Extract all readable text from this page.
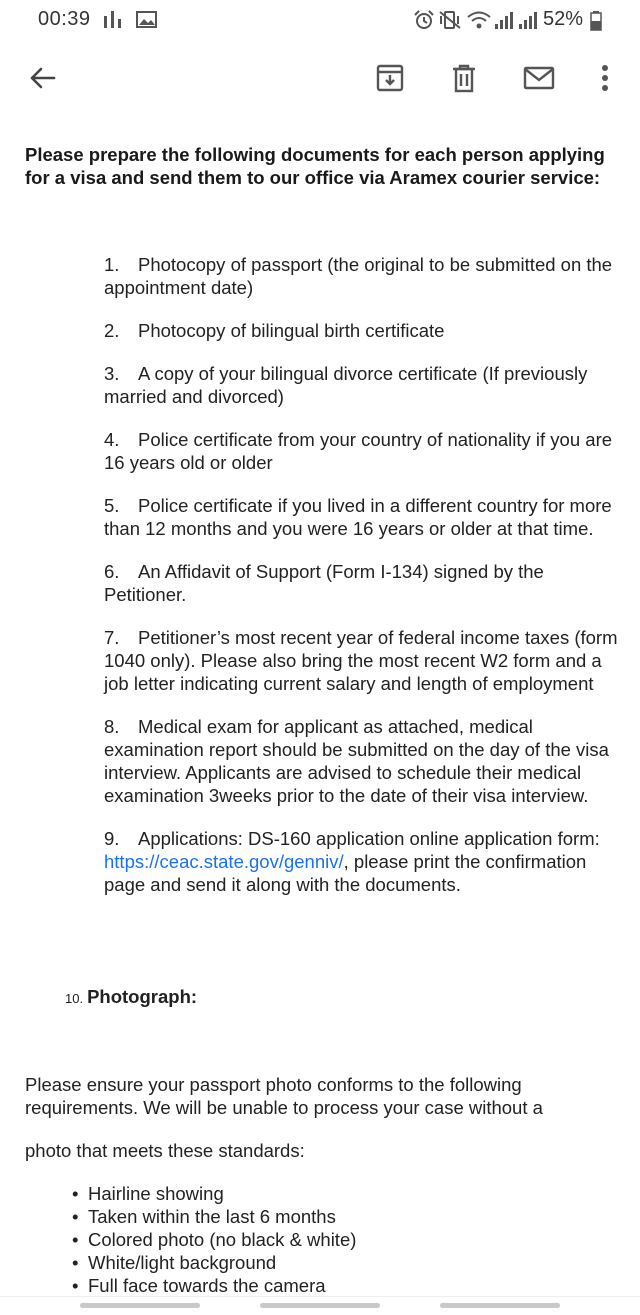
00:39	52%
Please prepare the following documents for each person applying for a visa and send them to our office via Aramex courier service:
1. Photocopy of passport (the original to be submitted on the appointment date)
2. Photocopy of bilingual birth certificate
3. A copy of your bilingual divorce certificate (If previously married and divorced)
4. Police certificate from your country of nationality if you are 16 years old or older
5. Police certificate if you lived in a different country for more than 12 months and you were 16 years or older at that time.
6. An Affidavit of Support (Form I-134) signed by the Petitioner.
7. Petitioner’s most recent year of federal income taxes (form 1040 only). Please also bring the most recent W2 form and a job letter indicating current salary and length of employment
8. Medical exam for applicant as attached, medical examination report should be submitted on the day of the visa interview. Applicants are advised to schedule their medical examination 3weeks prior to the date of their visa interview.
9. Applications: DS-160 application online application form: https://ceac.state.gov/genniv/, please print the confirmation page and send it along with the documents.
10. Photograph:
Please ensure your passport photo conforms to the following requirements. We will be unable to process your case without a
photo that meets these standards:
• Hairline showing
• Taken within the last 6 months
• Colored photo (no black & white)
• White/light background
• Full face towards the camera
